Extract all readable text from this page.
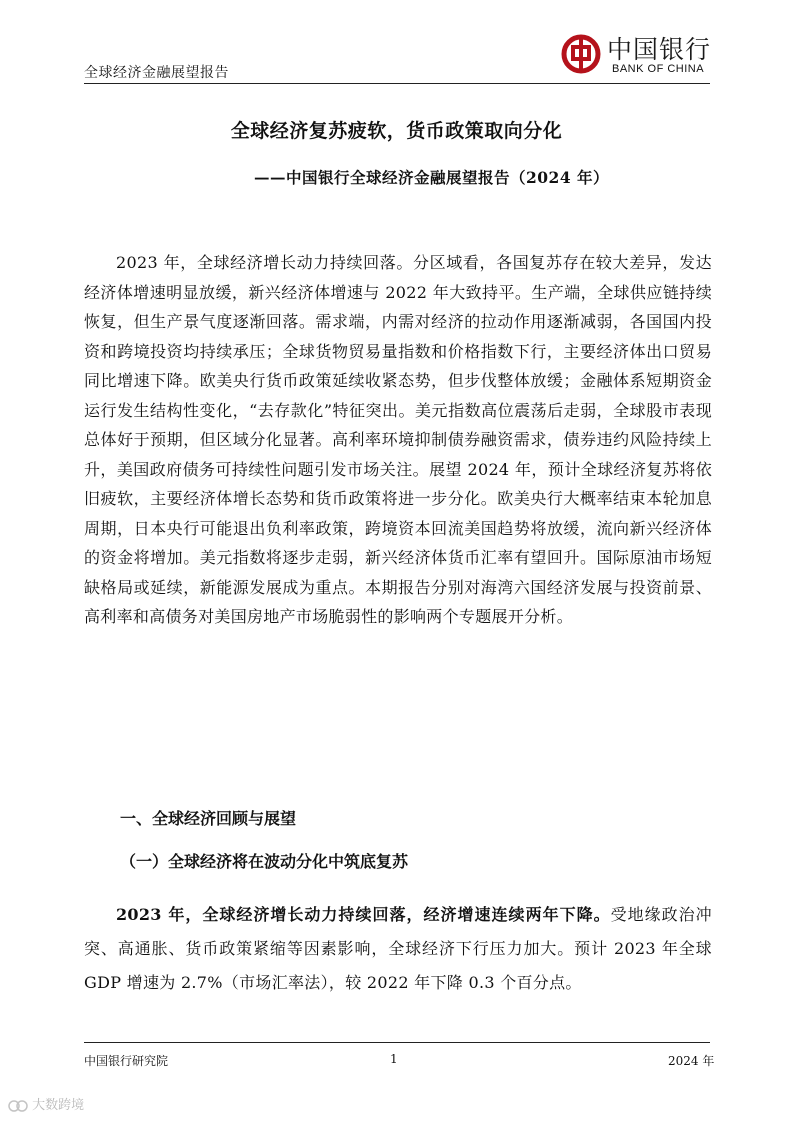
全球经济金融展望报告
中国银行
BANK OF CHINA
全球经济复苏疲软，货币政策取向分化
——中国银行全球经济金融展望报告（2024 年）

2023 年，全球经济增长动力持续回落。分区域看，各国复苏存在较大差异，发达经济体增速明显放缓，新兴经济体增速与 2022 年大致持平。生产端，全球供应链持续恢复，但生产景气度逐渐回落。需求端，内需对经济的拉动作用逐渐减弱，各国国内投资和跨境投资均持续承压；全球货物贸易量指数和价格指数下行，主要经济体出口贸易同比增速下降。欧美央行货币政策延续收紧态势，但步伐整体放缓；金融体系短期资金运行发生结构性变化，“去存款化”特征突出。美元指数高位震荡后走弱，全球股市表现总体好于预期，但区域分化显著。高利率环境抑制债券融资需求，债券违约风险持续上升，美国政府债务可持续性问题引发市场关注。展望 2024 年，预计全球经济复苏将依旧疲软，主要经济体增长态势和货币政策将进一步分化。欧美央行大概率结束本轮加息周期，日本央行可能退出负利率政策，跨境资本回流美国趋势将放缓，流向新兴经济体的资金将增加。美元指数将逐步走弱，新兴经济体货币汇率有望回升。国际原油市场短缺格局或延续，新能源发展成为重点。本期报告分别对海湾六国经济发展与投资前景、高利率和高债务对美国房地产市场脆弱性的影响两个专题展开分析。

一、全球经济回顾与展望
（一）全球经济将在波动分化中筑底复苏

2023 年，全球经济增长动力持续回落，经济增速连续两年下降。受地缘政治冲突、高通胀、货币政策紧缩等因素影响，全球经济下行压力加大。预计 2023 年全球 GDP 增速为 2.7%（市场汇率法），较 2022 年下降 0.3 个百分点。

中国银行研究院	1	2024 年
大数跨境
